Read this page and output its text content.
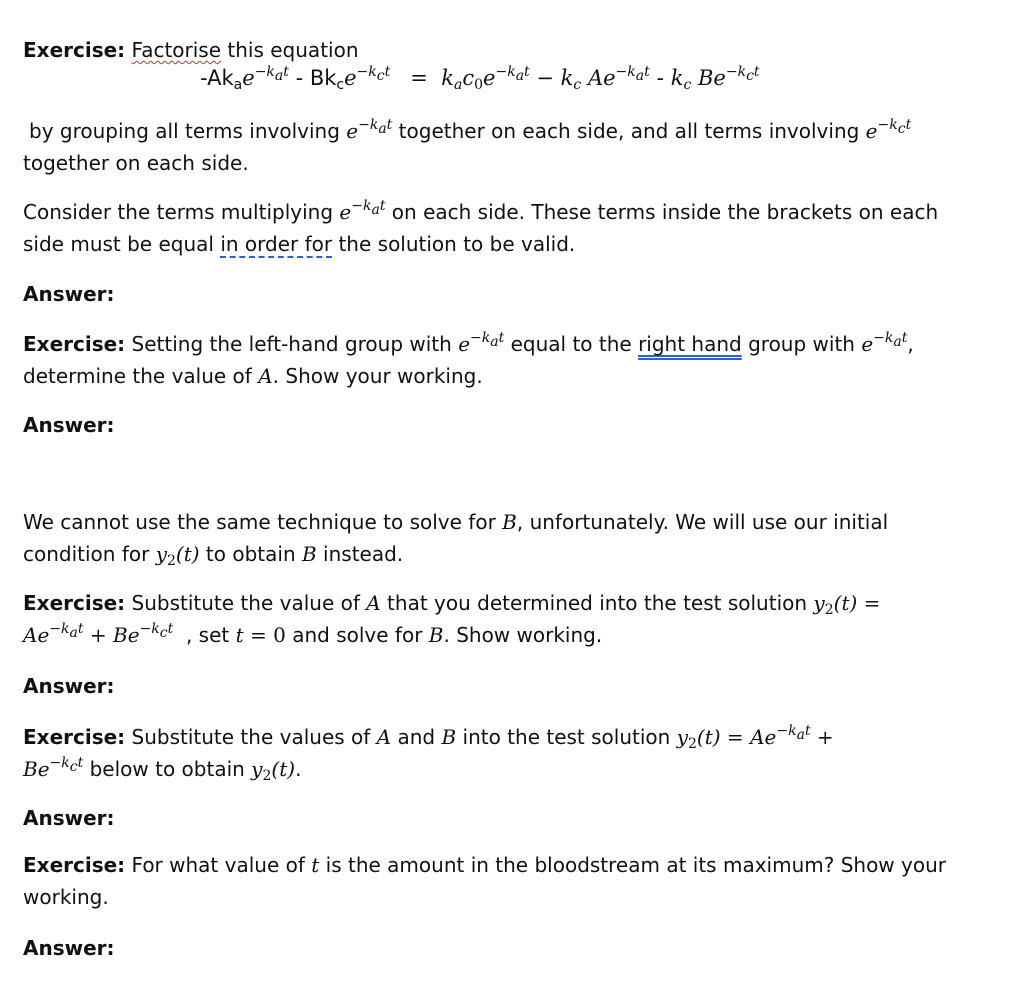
Exercise: Factorise this equation
$-Ak_ae^{-k_at} - Bk_ce^{-k_ct} = k_ac_0e^{-k_at} - k_c$ $Ae^{-k_at} - k_c$ $Be^{-k_ct}$
by grouping all terms involving $e^{-k_at}$ together on each side, and all terms involving $e^{-k_ct}$
together on each side.
Consider the terms multiplying $e^{-k_at}$ on each side. These terms inside the brackets on each
side must be equal in order for the solution to be valid.
Answer:
Exercise: Setting the left-hand group with $e^{-k_at}$ equal to the right hand group with $e^{-k_at}$,
determine the value of A. Show your working.
Answer:
We cannot use the same technique to solve for B, unfortunately. We will use our initial
condition for $y_2(t)$ to obtain B instead.
Exercise: Substitute the value of A that you determined into the test solution $y_2(t)$ =
$Ae^{-k_at} + Be^{-k_ct}$  , set t = 0 and solve for B. Show working.
Answer:
Exercise: Substitute the values of A and B into the test solution $y_2(t) = Ae^{-k_at}$ +
$Be^{-k_ct}$ below to obtain $y_2(t)$.
Answer:
Exercise: For what value of t is the amount in the bloodstream at its maximum? Show your
working.
Answer:
